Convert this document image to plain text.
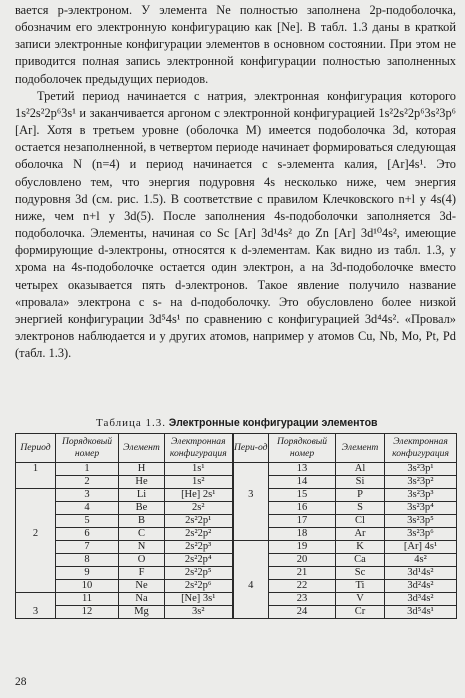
вается p-электроном. У элемента Ne полностью заполнена 2p-подоболочка, обозначим его электронную конфигурацию как [Ne]. В табл. 1.3 даны в краткой записи электронные конфигурации элементов в основном состоянии. При этом не приводится полная запись электронной конфигурации полностью заполненных подоболочек предыдущих периодов.

Третий период начинается с натрия, электронная конфигурация которого 1s²2s²2p⁶3s¹ и заканчивается аргоном с электронной конфигурацией 1s²2s²2p⁶3s²3p⁶ [Ar]. Хотя в третьем уровне (оболочка M) имеется подоболочка 3d, которая остается незаполненной, в четвертом периоде начинает формироваться следующая оболочка N (n=4) и период начинается с s-элемента калия, [Ar]4s¹. Это обусловлено тем, что энергия подуровня 4s несколько ниже, чем энергия подуровня 3d (см. рис. 1.5). В соответствие с правилом Клечковского n+l у 4s(4) ниже, чем n+l у 3d(5). После заполнения 4s-подоболочки заполняется 3d-подоболочка. Элементы, начиная со Sc [Ar] 3d¹4s² до Zn [Ar] 3d¹⁰4s², имеющие формирующие d-электроны, относятся к d-элементам. Как видно из табл. 1.3, у хрома на 4s-подоболочке остается один электрон, а на 3d-подоболочке вместо четырех оказывается пять d-электронов. Такое явление получило название «провала» электрона с s- на d-подоболочку. Это обусловлено более низкой энергией конфигурации 3d⁵4s¹ по сравнению с конфигурацией 3d⁴4s². «Провал» электронов наблюдается и у других атомов, например у атомов Cu, Nb, Mo, Pt, Pd (табл. 1.3).

Таблица 1.3. Электронные конфигурации элементов
Период	Порядковый номер	Элемент	Электронная конфигурация	Пери-од	Порядковый номер	Элемент	Электронная конфигурация
1	1	H	1s¹		13	Al	3s²3p¹
	2	He	1s²		14	Si	3s²3p²
	3	Li	[He] 2s¹	3	15	P	3s²3p³
	4	Be	2s²		16	S	3s²3p⁴
	5	B	2s²2p¹		17	Cl	3s²3p⁵
2	6	C	2s²2p²		18	Ar	3s²3p⁶
	7	N	2s²2p³		19	K	[Ar] 4s¹
	8	O	2s²2p⁴		20	Ca	4s²
	9	F	2s²2p⁵		21	Sc	3d¹4s²
	10	Ne	2s²2p⁶	4	22	Ti	3d²4s²
	11	Na	[Ne] 3s¹		23	V	3d³4s²
3	12	Mg	3s²		24	Cr	3d⁵4s¹
28
